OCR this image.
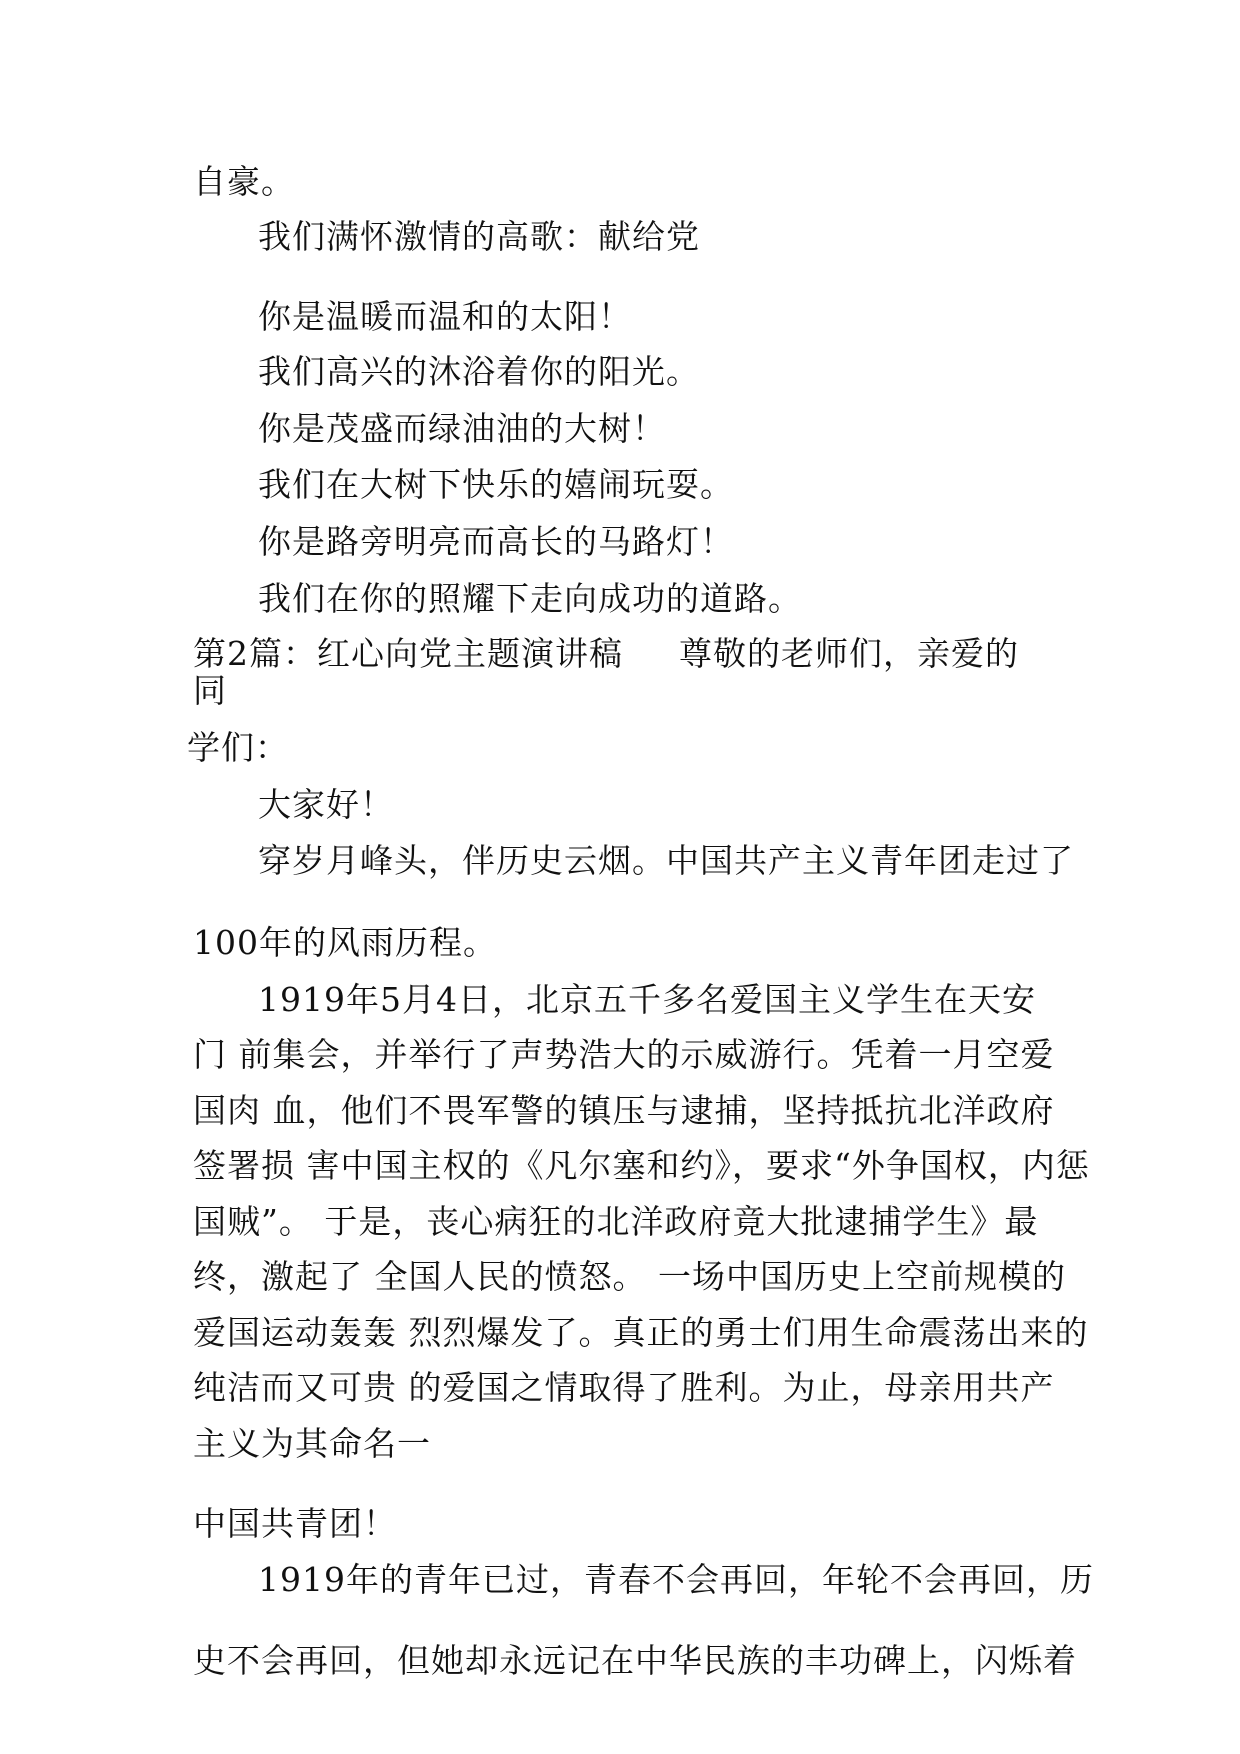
自豪。
我们满怀激情的高歌：献给党
你是温暖而温和的太阳！
我们高兴的沐浴着你的阳光。
你是茂盛而绿油油的大树！
我们在大树下快乐的嬉闹玩耍。
你是路旁明亮而高长的马路灯！
我们在你的照耀下走向成功的道路。
第2篇：红心向党主题演讲稿 尊敬的老师们，亲爱的
同
学们：
大家好！
穿岁月峰头，伴历史云烟。中国共产主义青年团走过了
100年的风雨历程。
1919年5月4日，北京五千多名爱国主义学生在天安
门 前集会，并举行了声势浩大的示威游行。凭着一月空爱
国肉 血，他们不畏军警的镇压与逮捕，坚持抵抗北洋政府
签署损 害中国主权的《凡尔塞和约》，要求“外争国权，内惩
国贼”。 于是，丧心病狂的北洋政府竟大批逮捕学生》最
终，激起了 全国人民的愤怒。 一场中国历史上空前规模的
爱国运动轰轰 烈烈爆发了。真正的勇士们用生命震荡出来的
纯洁而又可贵 的爱国之情取得了胜利。为止，母亲用共产
主义为其命名一
中国共青团！
1919年的青年已过，青春不会再回，年轮不会再回，历
史不会再回，但她却永远记在中华民族的丰功碑上，闪烁着
